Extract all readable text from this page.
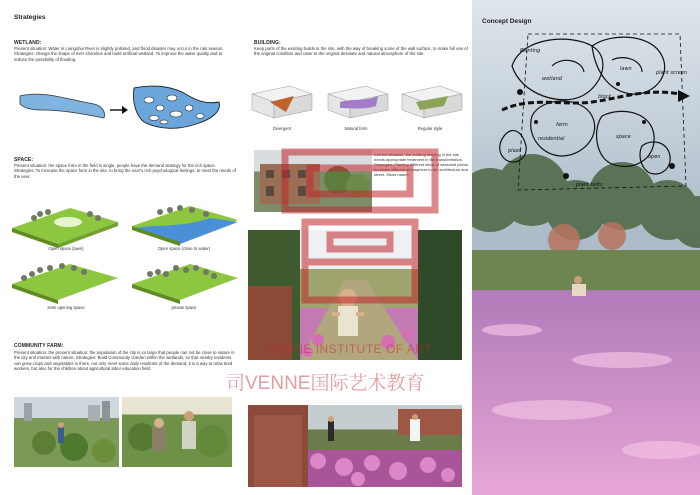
Strategies
WETLAND:
Present situation: Water in Liangshui River is slightly polluted, and flood disaster may occur in the rain season. Strategies: change the shape of river shoreline and build artificial wetland. To improve the water quality and to reduce the possibility of flooding.
SPACE:
Present situation: the space form in the field is single, people have the demand strategy for the rich space. Strategies: To increase the space form in the site, to bring the user's rich psychological feelings, to meet the needs of the user.
Open space (lawn)	Open space (close to water)
semi opening space	private space
COMMUNITY FARM:
Present situation: the present situation: the population of the city is so large that people can not be close to nature in the city and interact with nature. Strategies: Build Community Garden within the wetlands, so that nearby residents can grow crops and vegetables in there, not only meet some daily residents of the demand, it is a way to relax tired workers, but also for the children about agricultural labor education field.
BUILDING:
Keep parts of the existing builds in the site, with the way of breaking some of the wall surface, to make full use of the original condition and cater to the original desolate and natural atmosphere of the site.
Divergent	Natural form	Regular style
Current situation: the existing building in the site needs appropriate treatment in the transformation. Strategies: Planting different kinds of seasonal plants to create different atmosphere in the architecture and street. Show nature.
Concept Design
wetland
lawn
block
plant screen
farm
residential	space
plaza
open
Planting
plant belts
VENNE INSTITUTE OF ART
司VENNE国际艺术教育
